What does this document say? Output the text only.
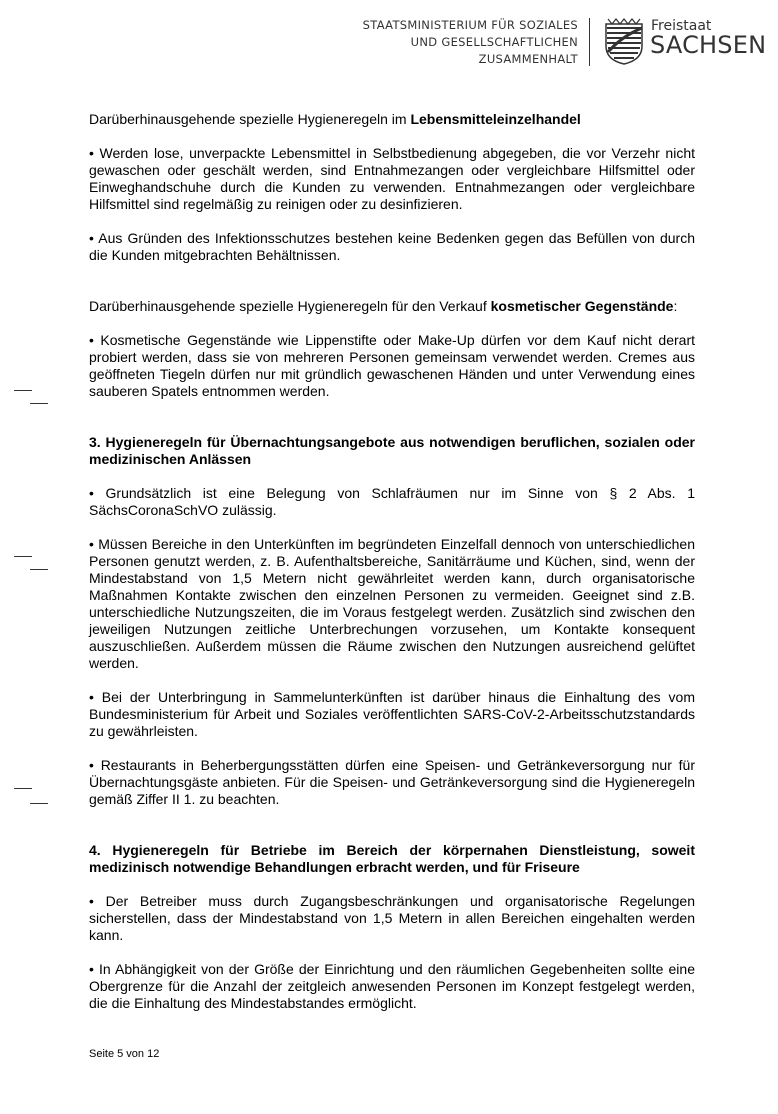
STAATSMINISTERIUM FÜR SOZIALES
UND GESELLSCHAFTLICHEN
ZUSAMMENHALT
Freistaat
SACHSEN

Darüberhinausgehende spezielle Hygieneregeln im Lebensmitteleinzelhandel

• Werden lose, unverpackte Lebensmittel in Selbstbedienung abgegeben, die vor Verzehr nicht gewaschen oder geschält werden, sind Entnahmezangen oder vergleichbare Hilfsmittel oder Einweghandschuhe durch die Kunden zu verwenden. Entnahmezangen oder vergleichbare Hilfsmittel sind regelmäßig zu reinigen oder zu desinfizieren.

• Aus Gründen des Infektionsschutzes bestehen keine Bedenken gegen das Befüllen von durch die Kunden mitgebrachten Behältnissen.

Darüberhinausgehende spezielle Hygieneregeln für den Verkauf kosmetischer Gegenstände:

• Kosmetische Gegenstände wie Lippenstifte oder Make-Up dürfen vor dem Kauf nicht derart probiert werden, dass sie von mehreren Personen gemeinsam verwendet werden. Cremes aus geöffneten Tiegeln dürfen nur mit gründlich gewaschenen Händen und unter Verwendung eines sauberen Spatels entnommen werden.

3. Hygieneregeln für Übernachtungsangebote aus notwendigen beruflichen, sozialen oder medizinischen Anlässen

• Grundsätzlich ist eine Belegung von Schlafräumen nur im Sinne von § 2 Abs. 1 SächsCoronaSchVO zulässig.

• Müssen Bereiche in den Unterkünften im begründeten Einzelfall dennoch von unterschiedlichen Personen genutzt werden, z. B. Aufenthaltsbereiche, Sanitärräume und Küchen, sind, wenn der Mindestabstand von 1,5 Metern nicht gewährleitet werden kann, durch organisatorische Maßnahmen Kontakte zwischen den einzelnen Personen zu vermeiden. Geeignet sind z.B. unterschiedliche Nutzungszeiten, die im Voraus festgelegt werden. Zusätzlich sind zwischen den jeweiligen Nutzungen zeitliche Unterbrechungen vorzusehen, um Kontakte konsequent auszuschließen. Außerdem müssen die Räume zwischen den Nutzungen ausreichend gelüftet werden.

• Bei der Unterbringung in Sammelunterkünften ist darüber hinaus die Einhaltung des vom Bundesministerium für Arbeit und Soziales veröffentlichten SARS-CoV-2-Arbeitsschutzstandards zu gewährleisten.

• Restaurants in Beherbergungsstätten dürfen eine Speisen- und Getränkeversorgung nur für Übernachtungsgäste anbieten. Für die Speisen- und Getränkeversorgung sind die Hygieneregeln gemäß Ziffer II 1. zu beachten.

4. Hygieneregeln für Betriebe im Bereich der körpernahen Dienstleistung, soweit medizinisch notwendige Behandlungen erbracht werden, und für Friseure

• Der Betreiber muss durch Zugangsbeschränkungen und organisatorische Regelungen sicherstellen, dass der Mindestabstand von 1,5 Metern in allen Bereichen eingehalten werden kann.

• In Abhängigkeit von der Größe der Einrichtung und den räumlichen Gegebenheiten sollte eine Obergrenze für die Anzahl der zeitgleich anwesenden Personen im Konzept festgelegt werden, die die Einhaltung des Mindestabstandes ermöglicht.

Seite 5 von 12
